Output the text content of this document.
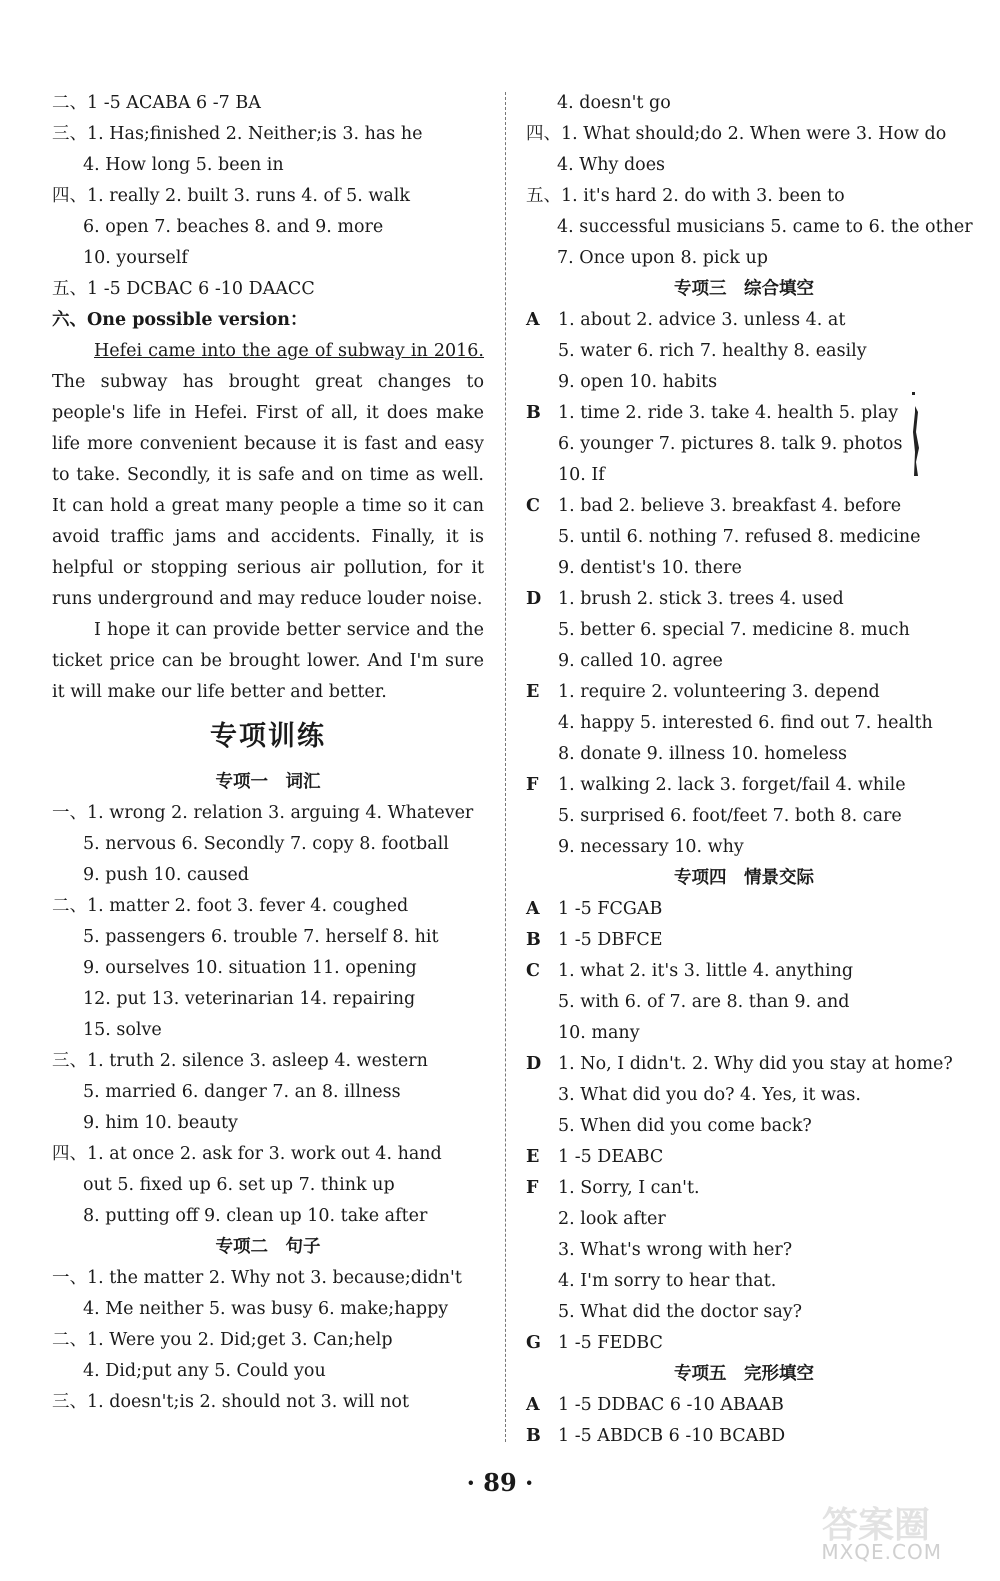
二、1 -5 ACABA 6 -7 BA
三、1. Has;finished 2. Neither;is 3. has he
4. How long 5. been in
四、1. really 2. built 3. runs 4. of 5. walk
6. open 7. beaches 8. and 9. more
10. yourself
五、1 -5 DCBAC 6 -10 DAACC
六、One possible version：

Hefei came into the age of subway in 2016. The subway has brought great changes to people's life in Hefei. First of all, it does make life more convenient because it is fast and easy to take. Secondly, it is safe and on time as well. It can hold a great many people a time so it can avoid traffic jams and accidents. Finally, it is helpful or stopping serious air pollution, for it runs underground and may reduce louder noise.

I hope it can provide better service and the ticket price can be brought lower. And I'm sure it will make our life better and better.

专项训练
专项一　词汇
一、1. wrong 2. relation 3. arguing 4. Whatever
5. nervous 6. Secondly 7. copy 8. football
9. push 10. caused
二、1. matter 2. foot 3. fever 4. coughed
5. passengers 6. trouble 7. herself 8. hit
9. ourselves 10. situation 11. opening
12. put 13. veterinarian 14. repairing
15. solve
三、1. truth 2. silence 3. asleep 4. western
5. married 6. danger 7. an 8. illness
9. him 10. beauty
四、1. at once 2. ask for 3. work out 4. hand
out 5. fixed up 6. set up 7. think up
8. putting off 9. clean up 10. take after
专项二　句子
一、1. the matter 2. Why not 3. because;didn't
4. Me neither 5. was busy 6. make;happy
二、1. Were you 2. Did;get 3. Can;help
4. Did;put any 5. Could you
三、1. doesn't;is 2. should not 3. will not
4. doesn't go
四、1. What should;do 2. When were 3. How do
4. Why does
五、1. it's hard 2. do with 3. been to
4. successful musicians 5. came to 6. the other
7. Once upon 8. pick up
专项三　综合填空
A	1. about 2. advice 3. unless 4. at
5. water 6. rich 7. healthy 8. easily
9. open 10. habits
B 1. time 2. ride 3. take 4. health 5. play
6. younger 7. pictures 8. talk 9. photos
10. If
C	1. bad 2. believe 3. breakfast 4. before
5. until 6. nothing 7. refused 8. medicine
9. dentist's 10. there
D 1. brush 2. stick 3. trees 4. used
5. better 6. special 7. medicine 8. much
9. called 10. agree
E	1. require 2. volunteering 3. depend
4. happy 5. interested 6. find out 7. health
8. donate 9. illness 10. homeless
F	1. walking 2. lack 3. forget/fail 4. while
5. surprised 6. foot/feet 7. both 8. care
9. necessary 10. why
专项四　情景交际
A	1 -5 FCGAB
B 1 -5 DBFCE
C	1. what 2. it's 3. little 4. anything
5. with 6. of 7. are 8. than 9. and
10. many
D 1. No, I didn't. 2. Why did you stay at home?
3. What did you do? 4. Yes, it was.
5. When did you come back?
E	1 -5 DEABC
F	1. Sorry, I can't.
2. look after
3. What's wrong with her?
4. I'm sorry to hear that.
5. What did the doctor say?
G 1 -5 FEDBC
专项五　完形填空
A	1 -5 DDBAC 6 -10 ABAAB
B 1 -5 ABDCB 6 -10 BCABD
· 89 ·
答案圈
MXQE.COM
